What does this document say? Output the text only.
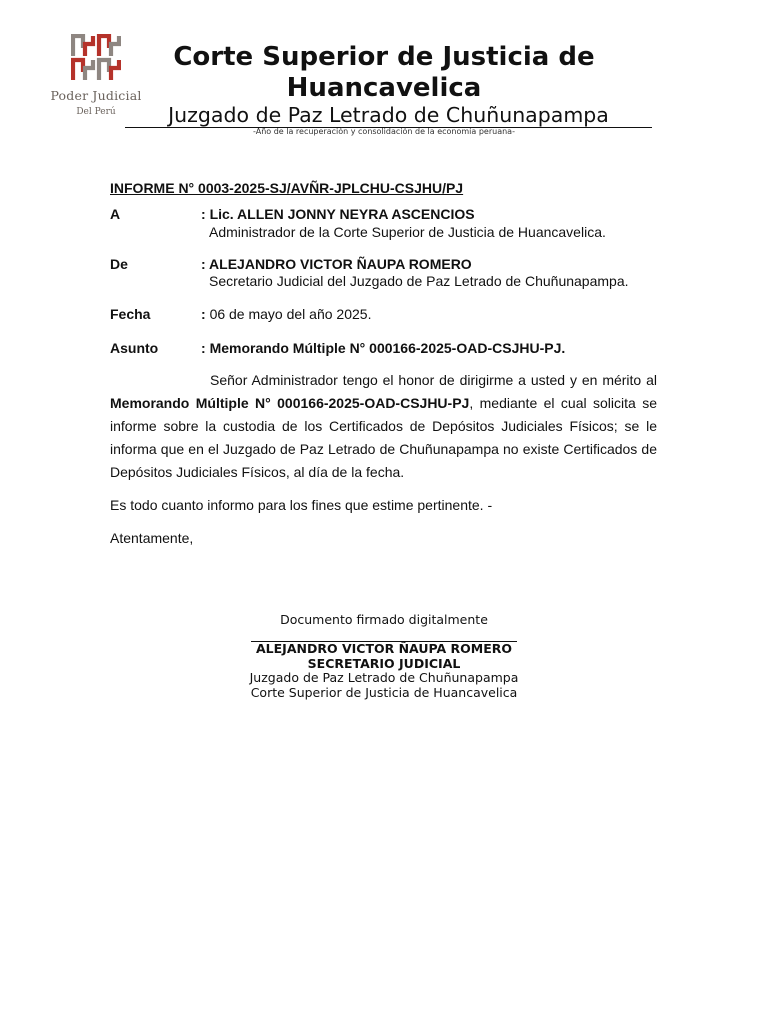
Poder Judicial
Del Perú
Corte Superior de Justicia de Huancavelica
Juzgado de Paz Letrado de Chuñunapampa
-Año de la recuperación y consolidación de la economía peruana-
INFORME N° 0003-2025-SJ/AVÑR-JPLCHU-CSJHU/PJ
A	: Lic. ALLEN JONNY NEYRA ASCENCIOS
Administrador de la Corte Superior de Justicia de Huancavelica.
De	: ALEJANDRO VICTOR ÑAUPA ROMERO
Secretario Judicial del Juzgado de Paz Letrado de Chuñunapampa.
Fecha	: 06 de mayo del año 2025.
Asunto	: Memorando Múltiple N° 000166-2025-OAD-CSJHU-PJ.
Señor Administrador tengo el honor de dirigirme a usted y en mérito al Memorando Múltiple N° 000166-2025-OAD-CSJHU-PJ, mediante el cual solicita se informe sobre la custodia de los Certificados de Depósitos Judiciales Físicos; se le informa que en el Juzgado de Paz Letrado de Chuñunapampa no existe Certificados de Depósitos Judiciales Físicos, al día de la fecha.
Es todo cuanto informo para los fines que estime pertinente. -
Atentamente,
Documento firmado digitalmente
ALEJANDRO VICTOR ÑAUPA ROMERO
SECRETARIO JUDICIAL
Juzgado de Paz Letrado de Chuñunapampa
Corte Superior de Justicia de Huancavelica
